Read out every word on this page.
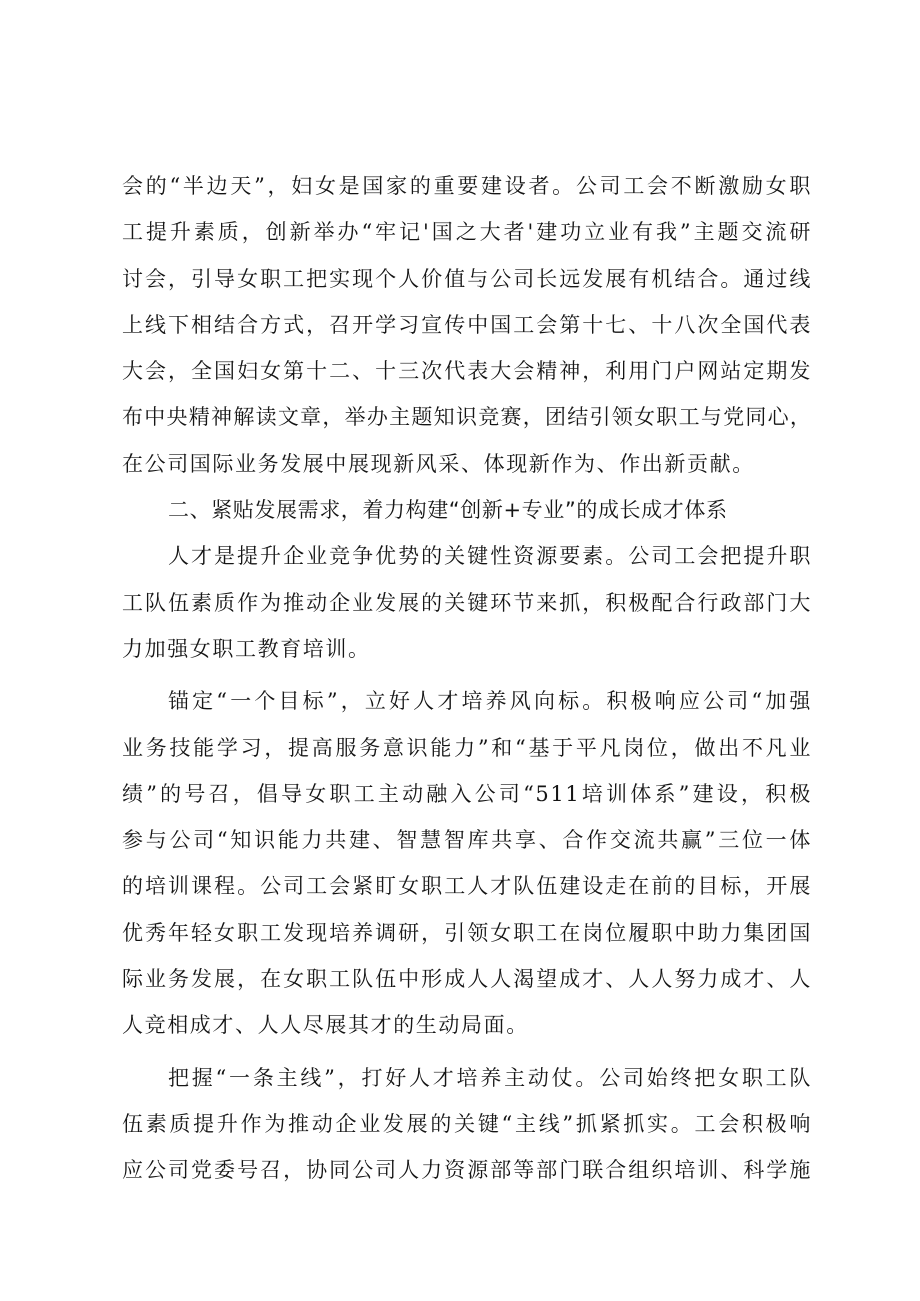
会的“半边天”，妇女是国家的重要建设者。公司工会不断激励女职
工提升素质，创新举办“牢记'国之大者'建功立业有我”主题交流研
讨会，引导女职工把实现个人价值与公司长远发展有机结合。通过线
上线下相结合方式，召开学习宣传中国工会第十七、十八次全国代表
大会，全国妇女第十二、十三次代表大会精神，利用门户网站定期发
布中央精神解读文章，举办主题知识竞赛，团结引领女职工与党同心，
在公司国际业务发展中展现新风采、体现新作为、作出新贡献。

二、紧贴发展需求，着力构建“创新+专业”的成长成才体系

人才是提升企业竞争优势的关键性资源要素。公司工会把提升职
工队伍素质作为推动企业发展的关键环节来抓，积极配合行政部门大
力加强女职工教育培训。

锚定“一个目标”，立好人才培养风向标。积极响应公司“加强
业务技能学习，提高服务意识能力”和“基于平凡岗位，做出不凡业
绩”的号召，倡导女职工主动融入公司“511培训体系”建设，积极
参与公司“知识能力共建、智慧智库共享、合作交流共赢”三位一体
的培训课程。公司工会紧盯女职工人才队伍建设走在前的目标，开展
优秀年轻女职工发现培养调研，引领女职工在岗位履职中助力集团国
际业务发展，在女职工队伍中形成人人渴望成才、人人努力成才、人
人竞相成才、人人尽展其才的生动局面。

把握“一条主线”，打好人才培养主动仗。公司始终把女职工队
伍素质提升作为推动企业发展的关键“主线”抓紧抓实。工会积极响
应公司党委号召，协同公司人力资源部等部门联合组织培训、科学施
